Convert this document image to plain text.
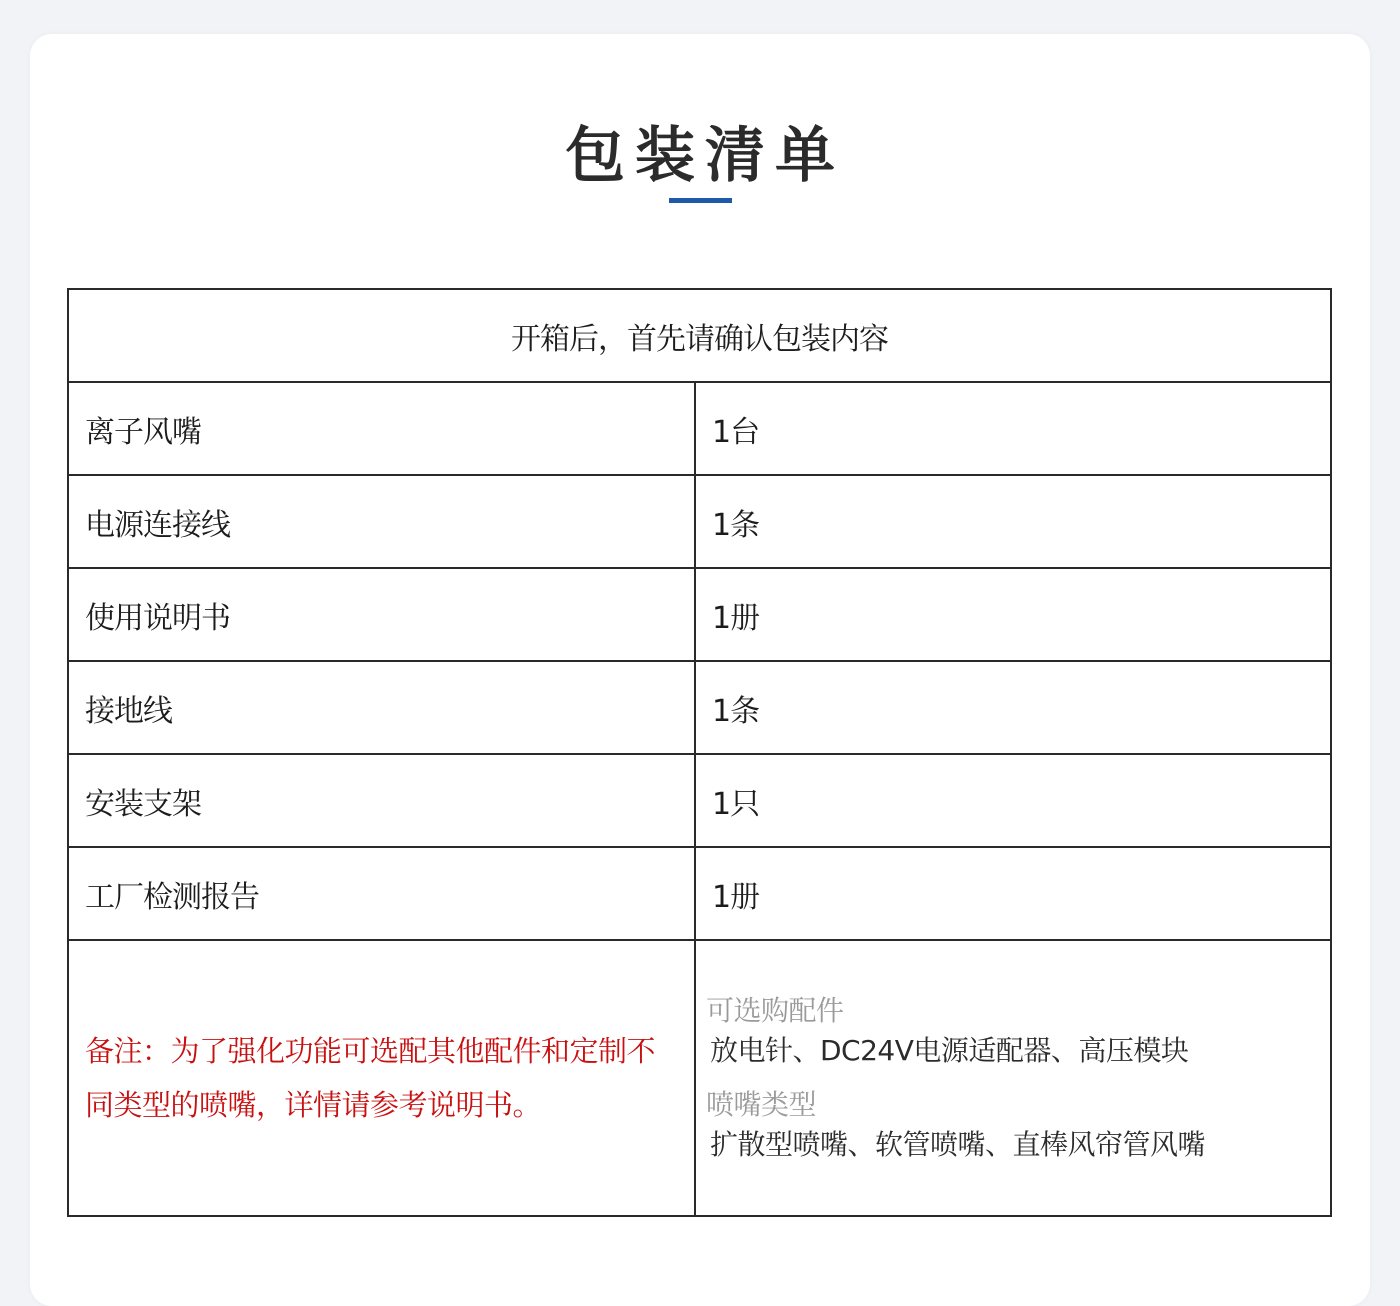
包装清单
开箱后，首先请确认包装内容	
离子风嘴	1台
电源连接线	1条
使用说明书	1册
接地线	1条
安装支架	1只
工厂检测报告	1册

备注：为了强化功能可选配其他配件和定制不同类型的喷嘴，详情请参考说明书。	可选购配件
放电针、DC24V电源适配器、高压模块
喷嘴类型
扩散型喷嘴、软管喷嘴、直棒风帘管风嘴
